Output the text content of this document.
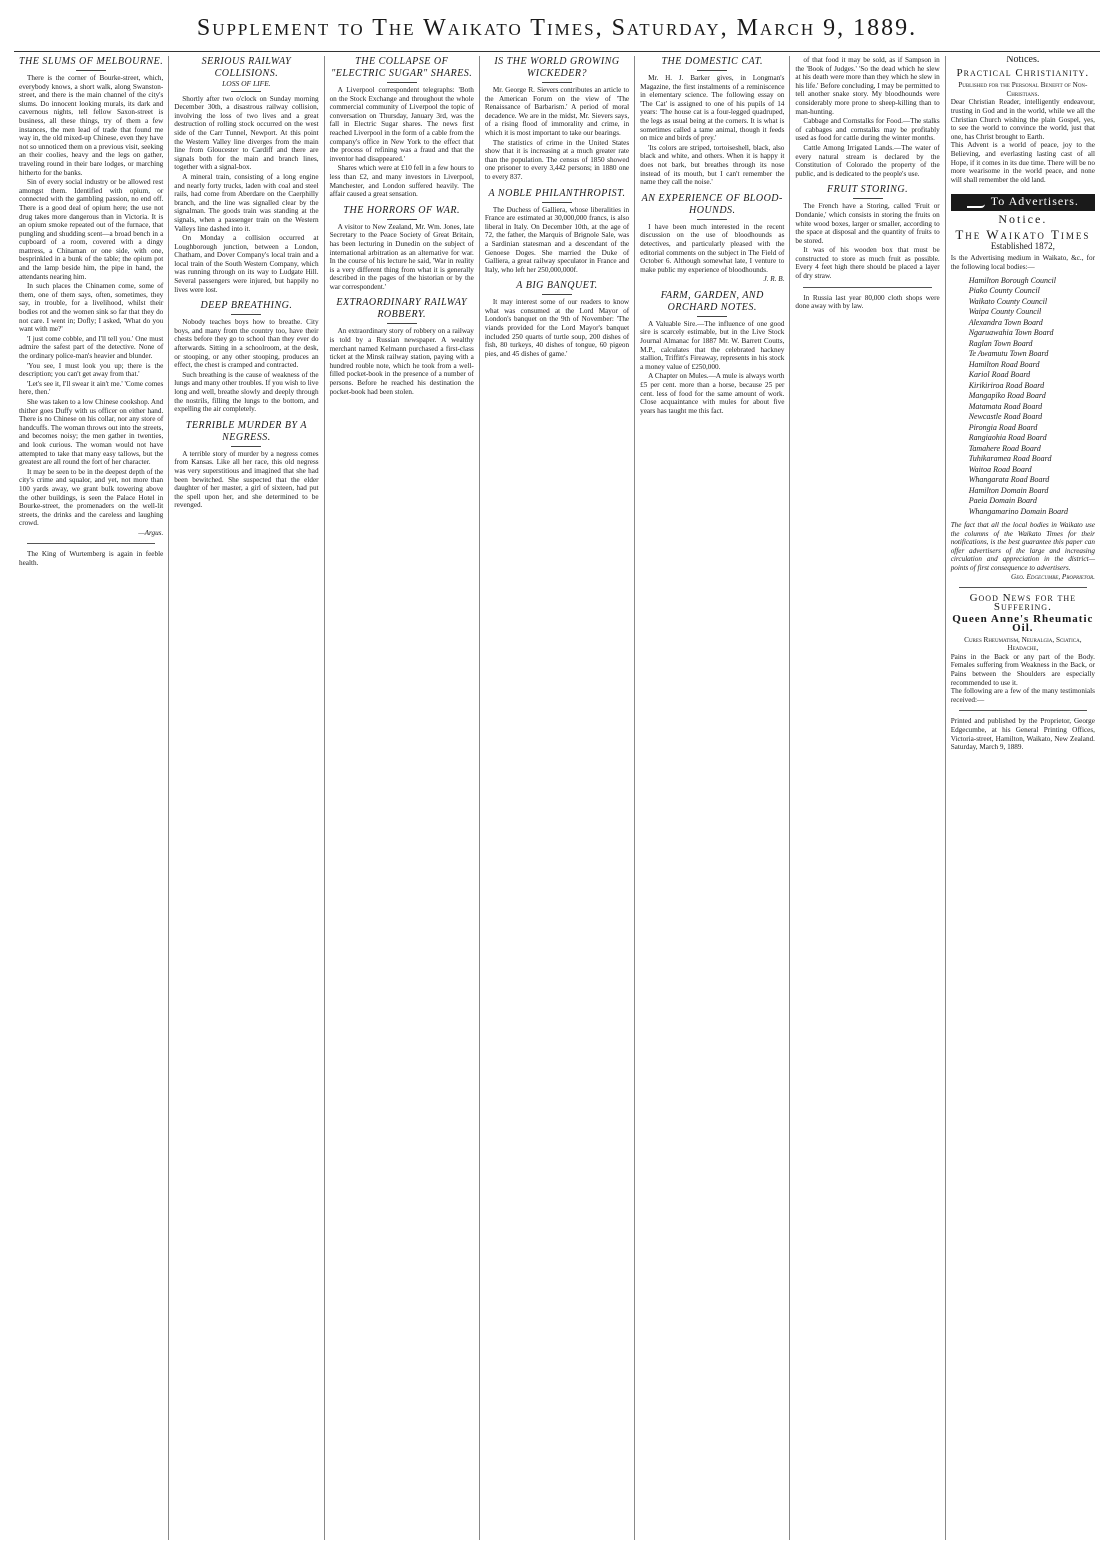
Supplement to The Waikato Times, Saturday, March 9, 1889.
THE SLUMS OF MELBOURNE.

There is the corner of Bourke-street, which, everybody knows, a short walk, along Swanston-street, and there is the main channel of the city's slums. Do innocent looking murals, its dark and cavernous nights, tell fellow Saxon-street is business, all these things, try of them a few instances, the men lead of trade that found me way in, the old mixed-up Chinese, even they have not so unnoticed them on a previous visit, seeking an their coolies, heavy and the legs on gather, traveling round in their bare lodges, or marching hitherto for the banks.

Sin of every social industry or be allowed rest amongst them. Identified with opium, or connected with the gambling passion, no end off. There is a good deal of opium here; the use not drug takes more dangerous than in Victoria. It is an opium smoke repeated out of the furnace, that pungling and shudding scent—a broad bench in a cupboard of a room, covered with a dingy mattress, a Chinaman or one side, with one, besprinkled in a bunk of the table; the opium pot and the lamp beside him, the pipe in hand, the attendants nearing him.

In such places the Chinamen come, some of them, one of them says, often, sometimes, they say, in trouble, for a livelihood, whilst their bodies rot and the women sink so far that they do not care. I went in; Dofly; I asked, 'What do you want with me?'

'I just come cobble, and I'll tell you.' One must admire the safest part of the detective. None of the ordinary police-man's heavier and blunder.

'You see, I must look you up; there is the description; you can't get away from that.'

'Let's see it, I'll swear it ain't me.' 'Come comes here, then.'

She was taken to a low Chinese cookshop. And thither goes Duffy with us officer on either hand. There is no Chinese on his collar, nor any store of handcuffs. The woman throws out into the streets, and becomes noisy; the men gather in twenties, and look curious. The woman would not have attempted to take that many easy tallows, but the greatest are all round the fort of her character.

It may be seen to be in the deepest depth of the city's crime and squalor, and yet, not more than 100 yards away, we grant bulk towering above the other buildings, is seen the Palace Hotel in Bourke-street, the promenaders on the well-lit streets, the drinks and the careless and laughing crowd.

—Argus.

The King of Wurtemberg is again in feeble health.

SERIOUS RAILWAY COLLISIONS.
LOSS OF LIFE.

Shortly after two o'clock on Sunday morning December 30th, a disastrous railway collision, involving the loss of two lives and a great destruction of rolling stock occurred on the west side of the Carr Tunnel, Newport. At this point the Western Valley line diverges from the main line from Gloucester to Cardiff and there are signals both for the main and branch lines, together with a signal-box.

A mineral train, consisting of a long engine and nearly forty trucks, laden with coal and steel rails, had come from Aberdare on the Caerphilly branch, and the line was signalled clear by the signalman. The goods train was standing at the signals, when a passenger train on the Western Valleys line dashed into it.

On Monday a collision occurred at Loughborough junction, between a London, Chatham, and Dover Company's local train and a local train of the South Western Company, which was running through on its way to Ludgate Hill. Several passengers were injured, but happily no lives were lost.

DEEP BREATHING.

Nobody teaches boys how to breathe. City boys, and many from the country too, have their chests before they go to school than they ever do afterwards. Sitting in a schoolroom, at the desk, or stooping, or any other stooping, produces an effect, the chest is cramped and contracted.

Such breathing is the cause of weakness of the lungs and many other troubles. If you wish to live long and well, breathe slowly and deeply through the nostrils, filling the lungs to the bottom, and expelling the air completely.

TERRIBLE MURDER BY A NEGRESS.

A terrible story of murder by a negress comes from Kansas. Like all her race, this old negress was very superstitious and imagined that she had been bewitched. She suspected that the elder daughter of her master, a girl of sixteen, had put the spell upon her, and she determined to be revenged.

THE COLLAPSE OF "ELECTRIC SUGAR" SHARES.

A Liverpool correspondent telegraphs: 'Both on the Stock Exchange and throughout the whole commercial community of Liverpool the topic of conversation on Thursday, January 3rd, was the fall in Electric Sugar shares. The news first reached Liverpool in the form of a cable from the company's office in New York to the effect that the process of refining was a fraud and that the inventor had disappeared.'

Shares which were at £10 fell in a few hours to less than £2, and many investors in Liverpool, Manchester, and London suffered heavily. The affair caused a great sensation.

THE HORRORS OF WAR.

A visitor to New Zealand, Mr. Wm. Jones, late Secretary to the Peace Society of Great Britain, has been lecturing in Dunedin on the subject of international arbitration as an alternative for war. In the course of his lecture he said, 'War in reality is a very different thing from what it is generally described in the pages of the historian or by the war correspondent.'

EXTRAORDINARY RAILWAY ROBBERY.

An extraordinary story of robbery on a railway is told by a Russian newspaper. A wealthy merchant named Kelmann purchased a first-class ticket at the Minsk railway station, paying with a hundred rouble note, which he took from a well-filled pocket-book in the presence of a number of persons. Before he reached his destination the pocket-book had been stolen.

IS THE WORLD GROWING WICKEDER?

Mr. George R. Sievers contributes an article to the American Forum on the view of 'The Renaissance of Barbarism.' A period of moral decadence. We are in the midst, Mr. Sievers says, of a rising flood of immorality and crime, in which it is most important to take our bearings.

The statistics of crime in the United States show that it is increasing at a much greater rate than the population. The census of 1850 showed one prisoner to every 3,442 persons; in 1880 one to every 837.

A NOBLE PHILANTHROPIST.

The Duchess of Galliera, whose liberalities in France are estimated at 30,000,000 francs, is also liberal in Italy. On December 10th, at the age of 72, the father, the Marquis of Brignole Sale, was a Sardinian statesman and a descendant of the Genoese Doges. She married the Duke of Galliera, a great railway speculator in France and Italy, who left her 250,000,000f.

A BIG BANQUET.

It may interest some of our readers to know what was consumed at the Lord Mayor of London's banquet on the 9th of November: 'The viands provided for the Lord Mayor's banquet included 250 quarts of turtle soup, 200 dishes of fish, 80 turkeys, 40 dishes of tongue, 60 pigeon pies, and 45 dishes of game.'

THE DOMESTIC CAT.

Mr. H. J. Barker gives, in Longman's Magazine, the first instalments of a reminiscence in elementary science. The following essay on 'The Cat' is assigned to one of his pupils of 14 years: 'The house cat is a four-legged quadruped, the legs as usual being at the corners. It is what is sometimes called a tame animal, though it feeds on mice and birds of prey.'

'Its colors are striped, tortoiseshell, black, also black and white, and others. When it is happy it does not bark, but breathes through its nose instead of its mouth, but I can't remember the name they call the noise.'

AN EXPERIENCE OF BLOOD-HOUNDS.

I have been much interested in the recent discussion on the use of bloodhounds as detectives, and particularly pleased with the editorial comments on the subject in The Field of October 6. Although somewhat late, I venture to make public my experience of bloodhounds.

J. R. B.

FARM, GARDEN, AND ORCHARD NOTES.

A Valuable Sire.—The influence of one good sire is scarcely estimable, but in the Live Stock Journal Almanac for 1887 Mr. W. Barrett Coutts, M.P., calculates that the celebrated hackney stallion, Triffitt's Fireaway, represents in his stock a money value of £250,000.

A Chapter on Mules.—A mule is always worth £5 per cent. more than a horse, because 25 per cent. less of food for the same amount of work. Close acquaintance with mules for about five years has taught me this fact.

of that food it may be sold, as if Sampson in the 'Book of Judges.' 'So the dead which he slew at his death were more than they which he slew in his life.' Before concluding, I may be permitted to tell another snake story. My bloodhounds were considerably more prone to sheep-killing than to man-hunting.

Cabbage and Cornstalks for Food.—The stalks of cabbages and cornstalks may be profitably used as food for cattle during the winter months.

Cattle Among Irrigated Lands.—The water of every natural stream is declared by the Constitution of Colorado the property of the public, and is dedicated to the people's use.

FRUIT STORING.

The French have a Storing, called 'Fruit or Dondanie,' which consists in storing the fruits on white wood boxes, larger or smaller, according to the space at disposal and the quantity of fruits to be stored.

It was of his wooden box that must be constructed to store as much fruit as possible. Every 4 feet high there should be placed a layer of dry straw.

In Russia last year 80,000 cloth shops were done away with by law.

Notices.
Practical Christianity.

Published for the Personal Benefit of Non-Christians.

Dear Christian Reader, intelligently endeavour, trusting in God and in the world, while we all the Christian Church wishing the plain Gospel, yes, to see the world to convince the world, just that one, has Christ brought to Earth.

This Advent is a world of peace, joy to the Believing, and everlasting lasting cast of all Hope, if it comes in its due time. There will be no more wearisome in the world peace, and none will shall remember the old land.

To Advertisers.
Notice.
The Waikato Times
Established 1872,

Is the Advertising medium in Waikato, &c., for the following local bodies:—

Hamilton Borough Council
Piako County Council
Waikato County Council
Waipa County Council
Alexandra Town Board
Ngaruawahia Town Board
Raglan Town Board
Te Awamutu Town Board
Hamilton Road Board
Kariol Road Board
Kirikiriroa Road Board
Mangapiko Road Board
Matamata Road Board
Newcastle Road Board
Pirongia Road Board
Rangiaohia Road Board
Tamahere Road Board
Tuhikaramea Road Board
Waitoa Road Board
Whangarata Road Board
Hamilton Domain Board
Paeia Domain Board
Whangamarino Domain Board

The fact that all the local bodies in Waikato use the columns of the Waikato Times for their notifications, is the best guarantee this paper can offer advertisers of the large and increasing circulation and appreciation in the district—points of first consequence to advertisers.

Geo. Edgecumbe, Proprietor.

Good News for the Suffering.
Queen Anne's Rheumatic Oil.

Cures Rheumatism, Neuralgia, Sciatica, Headache,

Pains in the Back or any part of the Body. Females suffering from Weakness in the Back, or Pains between the Shoulders are especially recommended to use it.

The following are a few of the many testimonials received:—

Printed and published by the Proprietor, George Edgecumbe, at his General Printing Offices, Victoria-street, Hamilton, Waikato, New Zealand. Saturday, March 9, 1889.
